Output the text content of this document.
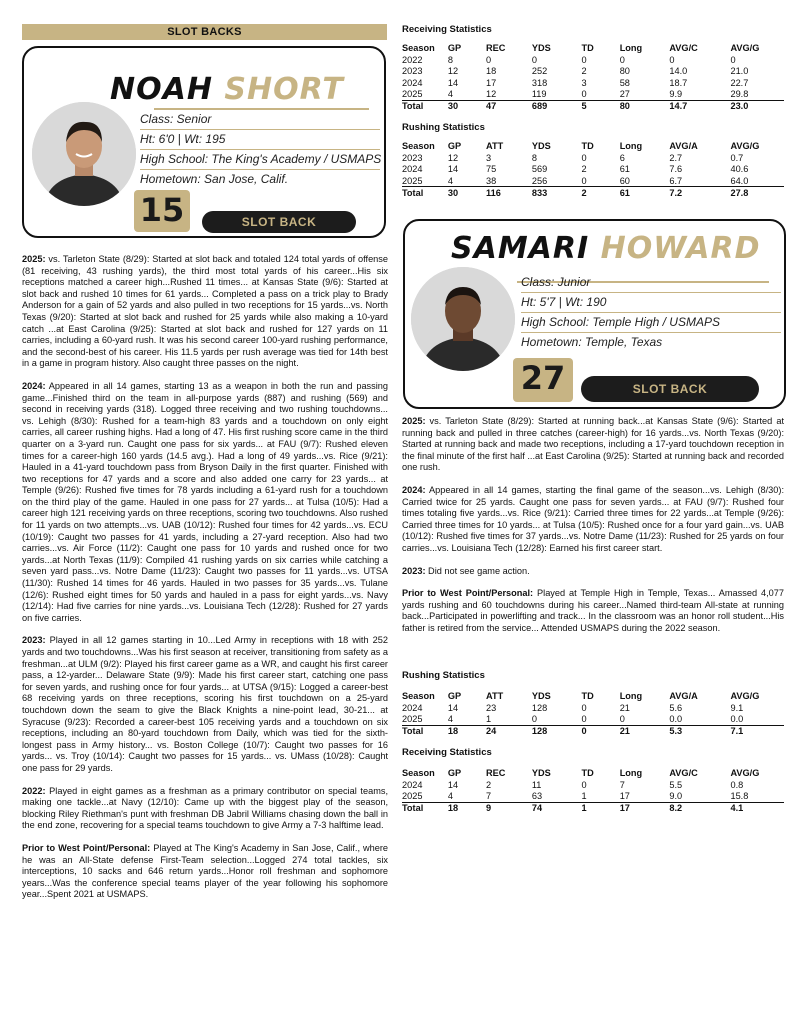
SLOT BACKS
NOAH SHORT
Class: Senior
Ht: 6'0 | Wt: 195
High School: The King's Academy / USMAPS
Hometown: San Jose, Calif.
15	SLOT BACK

2025: vs. Tarleton State (8/29): Started at slot back and totaled 124 total yards of offense (81 receiving, 43 rushing yards), the third most total yards of his career...His six receptions matched a career high...Rushed 11 times... at Kansas State (9/6): Started at slot back and rushed 10 times for 61 yards... Completed a pass on a trick play to Brady Anderson for a gain of 52 yards and also pulled in two receptions for 15 yards...vs. North Texas (9/20): Started at slot back and rushed for 25 yards while also making a 10-yard catch ...at East Carolina (9/25): Started at slot back and rushed for 127 yards on 11 carries, including a 60-yard rush. It was his second career 100-yard rushing performance, and the second-best of his career. His 11.5 yards per rush average was tied for 14th best in a game in program history. Also caught three passes on the night.

2024: Appeared in all 14 games, starting 13 as a weapon in both the run and passing game...Finished third on the team in all-purpose yards (887) and rushing (569) and second in receiving yards (318). Logged three receiving and two rushing touchdowns... vs. Lehigh (8/30): Rushed for a team-high 83 yards and a touchdown on only eight carries, all career rushing highs. Had a long of 47. His first rushing score came in the third quarter on a 3-yard run. Caught one pass for six yards... at FAU (9/7): Rushed eleven times for a career-high 160 yards (14.5 avg.). Had a long of 49 yards...vs. Rice (9/21): Hauled in a 41-yard touchdown pass from Bryson Daily in the first quarter. Finished with two receptions for 47 yards and a score and also added one carry for 23 yards... at Temple (9/26): Rushed five times for 78 yards including a 61-yard rush for a touchdown on the third play of the game. Hauled in one pass for 27 yards... at Tulsa (10/5): Had a career high 121 receiving yards on three receptions, scoring two touchdowns. Also rushed for 11 yards on two attempts...vs. UAB (10/12): Rushed four times for 42 yards...vs. ECU (10/19): Caught two passes for 41 yards, including a 27-yard reception. Also had two carries...vs. Air Force (11/2): Caught one pass for 10 yards and rushed once for two yards...at North Texas (11/9): Compiled 41 rushing yards on six carries while catching a seven yard pass...vs. Notre Dame (11/23): Caught two passes for 11 yards...vs. UTSA (11/30): Rushed 14 times for 46 yards. Hauled in two passes for 35 yards...vs. Tulane (12/6): Rushed eight times for 50 yards and hauled in a pass for eight yards...vs. Navy (12/14): Had five carries for nine yards...vs. Louisiana Tech (12/28): Rushed for 27 yards on five carries.

2023: Played in all 12 games starting in 10...Led Army in receptions with 18 with 252 yards and two touchdowns...Was his first season at receiver, transitioning from safety as a freshman...at ULM (9/2): Played his first career game as a WR, and caught his first career pass, a 12-yarder... Delaware State (9/9): Made his first career start, catching one pass for seven yards, and rushing once for four yards... at UTSA (9/15): Logged a career-best 68 receiving yards on three receptions, scoring his first touchdown on a 25-yard touchdown down the seam to give the Black Knights a nine-point lead, 30-21... at Syracuse (9/23): Recorded a career-best 105 receiving yards and a touchdown on six receptions, including an 80-yard touchdown from Daily, which was tied for the sixth-longest pass in Army history... vs. Boston College (10/7): Caught two passes for 16 yards... vs. Troy (10/14): Caught two passes for 15 yards... vs. UMass (10/28): Caught one pass for 29 yards.

2022: Played in eight games as a freshman as a primary contributor on special teams, making one tackle...at Navy (12/10): Came up with the biggest play of the season, blocking Riley Riethman's punt with freshman DB Jabril Williams chasing down the ball in the end zone, recovering for a special teams touchdown to give Army a 7-3 halftime lead.

Prior to West Point/Personal: Played at The King's Academy in San Jose, Calif., where he was an All-State defense First-Team selection...Logged 274 total tackles, six interceptions, 10 sacks and 646 return yards...Honor roll freshman and sophomore years...Was the conference special teams player of the year following his sophomore year...Spent 2021 at USMAPS.

Receiving Statistics
Season	GP	REC	YDS	TD	Long	AVG/C	AVG/G
2022	8	0	0	0	0	0	0
2023	12	18	252	2	80	14.0	21.0
2024	14	17	318	3	58	18.7	22.7
2025	4	12	119	0	27	9.9	29.8
Total	30	47	689	5	80	14.7	23.0
Rushing Statistics
Season	GP	ATT	YDS	TD	Long	AVG/A	AVG/G
2023	12	3	8	0	6	2.7	0.7
2024	14	75	569	2	61	7.6	40.6
2025	4	38	256	0	60	6.7	64.0
Total	30	116	833	2	61	7.2	27.8
SAMARI HOWARD
Class: Junior
Ht: 5'7 | Wt: 190
High School: Temple High / USMAPS
Hometown: Temple, Texas
27	SLOT BACK

2025: vs. Tarleton State (8/29): Started at running back...at Kansas State (9/6): Started at running back and pulled in three catches (career-high) for 16 yards...vs. North Texas (9/20): Started at running back and made two receptions, including a 17-yard touchdown reception in the final minute of the first half ...at East Carolina (9/25): Started at running back and recorded one rush.

2024: Appeared in all 14 games, starting the final game of the season...vs. Lehigh (8/30): Carried twice for 25 yards. Caught one pass for seven yards... at FAU (9/7): Rushed four times totaling five yards...vs. Rice (9/21): Carried three times for 22 yards...at Temple (9/26): Carried three times for 10 yards... at Tulsa (10/5): Rushed once for a four yard gain...vs. UAB (10/12): Rushed five times for 37 yards...vs. Notre Dame (11/23): Rushed for 25 yards on four carries...vs. Louisiana Tech (12/28): Earned his first career start.

2023: Did not see game action.

Prior to West Point/Personal: Played at Temple High in Temple, Texas... Amassed 4,077 yards rushing and 60 touchdowns during his career...Named third-team All-state at running back...Participated in powerlifting and track... In the classroom was an honor roll student...His father is retired from the service... Attended USMAPS during the 2022 season.

Rushing Statistics
Season	GP	ATT	YDS	TD	Long	AVG/A	AVG/G
2024	14	23	128	0	21	5.6	9.1
2025	4	1	0	0	0	0.0	0.0
Total	18	24	128	0	21	5.3	7.1
Receiving Statistics
Season	GP	REC	YDS	TD	Long	AVG/C	AVG/G
2024	14	2	11	0	7	5.5	0.8
2025	4	7	63	1	17	9.0	15.8
Total	18	9	74	1	17	8.2	4.1
